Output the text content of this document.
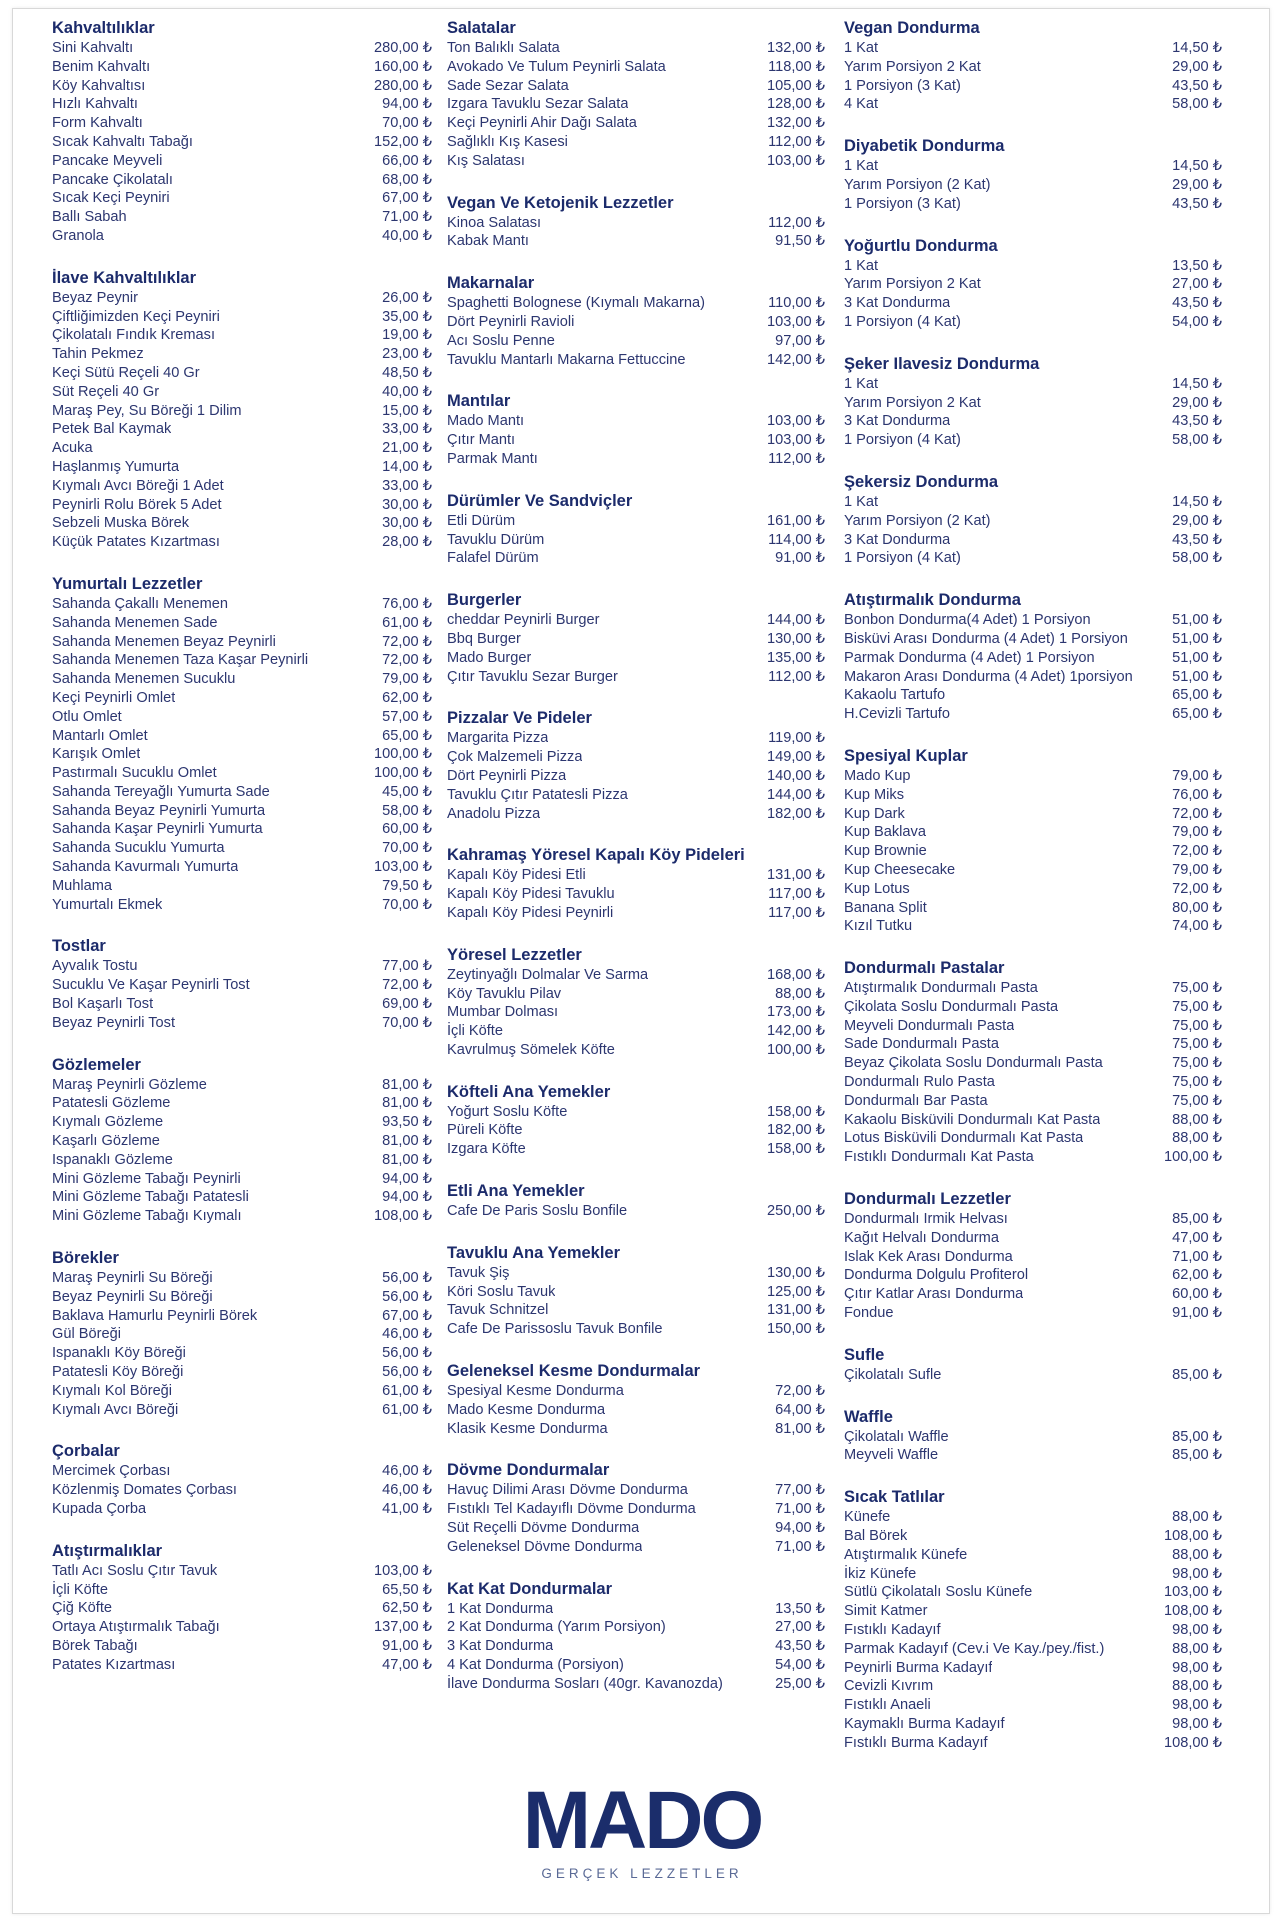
Kahvaltılıklar
Sini Kahvaltı	280,00 ₺
Benim Kahvaltı	160,00 ₺
Köy Kahvaltısı	280,00 ₺
Hızlı Kahvaltı	94,00 ₺
Form Kahvaltı	70,00 ₺
Sıcak Kahvaltı Tabağı	152,00 ₺
Pancake Meyveli	66,00 ₺
Pancake Çikolatalı	68,00 ₺
Sıcak Keçi Peyniri	67,00 ₺
Ballı Sabah	71,00 ₺
Granola	40,00 ₺
İlave Kahvaltılıklar
Beyaz Peynir	26,00 ₺
Çiftliğimizden Keçi Peyniri	35,00 ₺
Çikolatalı Fındık Kreması	19,00 ₺
Tahin Pekmez	23,00 ₺
Keçi Sütü Reçeli 40 Gr	48,50 ₺
Süt Reçeli 40 Gr	40,00 ₺
Maraş Pey, Su Böreği 1 Dilim	15,00 ₺
Petek Bal Kaymak	33,00 ₺
Acuka	21,00 ₺
Haşlanmış Yumurta	14,00 ₺
Kıymalı Avcı Böreği 1 Adet	33,00 ₺
Peynirli Rolu Börek 5 Adet	30,00 ₺
Sebzeli Muska Börek	30,00 ₺
Küçük Patates Kızartması	28,00 ₺
Yumurtalı Lezzetler
Sahanda Çakallı Menemen	76,00 ₺
Sahanda Menemen Sade	61,00 ₺
Sahanda Menemen Beyaz Peynirli	72,00 ₺
Sahanda Menemen Taza Kaşar Peynirli	72,00 ₺
Sahanda Menemen Sucuklu	79,00 ₺
Keçi Peynirli Omlet	62,00 ₺
Otlu Omlet	57,00 ₺
Mantarlı Omlet	65,00 ₺
Karışık Omlet	100,00 ₺
Pastırmalı Sucuklu Omlet	100,00 ₺
Sahanda Tereyağlı Yumurta Sade	45,00 ₺
Sahanda Beyaz Peynirli Yumurta	58,00 ₺
Sahanda Kaşar Peynirli Yumurta	60,00 ₺
Sahanda Sucuklu Yumurta	70,00 ₺
Sahanda Kavurmalı Yumurta	103,00 ₺
Muhlama	79,50 ₺
Yumurtalı Ekmek	70,00 ₺
Tostlar
Ayvalık Tostu	77,00 ₺
Sucuklu Ve Kaşar Peynirli Tost	72,00 ₺
Bol Kaşarlı Tost	69,00 ₺
Beyaz Peynirli Tost	70,00 ₺
Gözlemeler
Maraş Peynirli Gözleme	81,00 ₺
Patatesli Gözleme	81,00 ₺
Kıymalı Gözleme	93,50 ₺
Kaşarlı Gözleme	81,00 ₺
Ispanaklı Gözleme	81,00 ₺
Mini Gözleme Tabağı Peynirli	94,00 ₺
Mini Gözleme Tabağı Patatesli	94,00 ₺
Mini Gözleme Tabağı Kıymalı	108,00 ₺
Börekler
Maraş Peynirli Su Böreği	56,00 ₺
Beyaz Peynirli Su Böreği	56,00 ₺
Baklava Hamurlu Peynirli Börek	67,00 ₺
Gül Böreği	46,00 ₺
Ispanaklı Köy Böreği	56,00 ₺
Patatesli Köy Böreği	56,00 ₺
Kıymalı Kol Böreği	61,00 ₺
Kıymalı Avcı Böreği	61,00 ₺
Çorbalar
Mercimek Çorbası	46,00 ₺
Közlenmiş Domates Çorbası	46,00 ₺
Kupada Çorba	41,00 ₺
Atıştırmalıklar
Tatlı Acı Soslu Çıtır Tavuk	103,00 ₺
İçli Köfte	65,50 ₺
Çiğ Köfte	62,50 ₺
Ortaya Atıştırmalık Tabağı	137,00 ₺
Börek Tabağı	91,00 ₺
Patates Kızartması	47,00 ₺
Salatalar
Ton Balıklı Salata	132,00 ₺
Avokado Ve Tulum Peynirli Salata	118,00 ₺
Sade Sezar Salata	105,00 ₺
Izgara Tavuklu Sezar Salata	128,00 ₺
Keçi Peynirli Ahir Dağı Salata	132,00 ₺
Sağlıklı Kış Kasesi	112,00 ₺
Kış Salatası	103,00 ₺
Vegan Ve Ketojenik Lezzetler
Kinoa Salatası	112,00 ₺
Kabak Mantı	91,50 ₺
Makarnalar
Spaghetti Bolognese (Kıymalı Makarna)	110,00 ₺
Dört Peynirli Ravioli	103,00 ₺
Acı Soslu Penne	97,00 ₺
Tavuklu Mantarlı Makarna Fettuccine	142,00 ₺
Mantılar
Mado Mantı	103,00 ₺
Çıtır Mantı	103,00 ₺
Parmak Mantı	112,00 ₺
Dürümler Ve Sandviçler
Etli Dürüm	161,00 ₺
Tavuklu Dürüm	114,00 ₺
Falafel Dürüm	91,00 ₺
Burgerler
cheddar Peynirli Burger	144,00 ₺
Bbq Burger	130,00 ₺
Mado Burger	135,00 ₺
Çıtır Tavuklu Sezar Burger	112,00 ₺
Pizzalar Ve Pideler
Margarita Pizza	119,00 ₺
Çok Malzemeli Pizza	149,00 ₺
Dört Peynirli Pizza	140,00 ₺
Tavuklu Çıtır Patatesli Pizza	144,00 ₺
Anadolu Pizza	182,00 ₺
Kahramaş Yöresel Kapalı Köy Pideleri
Kapalı Köy Pidesi Etli	131,00 ₺
Kapalı Köy Pidesi Tavuklu	117,00 ₺
Kapalı Köy Pidesi Peynirli	117,00 ₺
Yöresel Lezzetler
Zeytinyağlı Dolmalar Ve Sarma	168,00 ₺
Köy Tavuklu Pilav	88,00 ₺
Mumbar Dolması	173,00 ₺
İçli Köfte	142,00 ₺
Kavrulmuş Sömelek Köfte	100,00 ₺
Köfteli Ana Yemekler
Yoğurt Soslu Köfte	158,00 ₺
Püreli Köfte	182,00 ₺
Izgara Köfte	158,00 ₺
Etli Ana Yemekler
Cafe De Paris Soslu Bonfile	250,00 ₺
Tavuklu Ana Yemekler
Tavuk Şiş	130,00 ₺
Köri Soslu Tavuk	125,00 ₺
Tavuk Schnitzel	131,00 ₺
Cafe De Parissoslu Tavuk Bonfile	150,00 ₺
Geleneksel Kesme Dondurmalar
Spesiyal Kesme Dondurma	72,00 ₺
Mado Kesme Dondurma	64,00 ₺
Klasik Kesme Dondurma	81,00 ₺
Dövme Dondurmalar
Havuç Dilimi Arası Dövme Dondurma	77,00 ₺
Fıstıklı Tel Kadayıflı Dövme Dondurma	71,00 ₺
Süt Reçelli Dövme Dondurma	94,00 ₺
Geleneksel Dövme Dondurma	71,00 ₺
Kat Kat Dondurmalar
1 Kat Dondurma	13,50 ₺
2 Kat Dondurma (Yarım Porsiyon)	27,00 ₺
3 Kat Dondurma	43,50 ₺
4 Kat Dondurma (Porsiyon)	54,00 ₺
İlave Dondurma Sosları (40gr. Kavanozda)	25,00 ₺
Vegan Dondurma
1 Kat	14,50 ₺
Yarım Porsiyon 2 Kat	29,00 ₺
1 Porsiyon (3 Kat)	43,50 ₺
4 Kat	58,00 ₺
Diyabetik Dondurma
1 Kat	14,50 ₺
Yarım Porsiyon (2 Kat)	29,00 ₺
1 Porsiyon (3 Kat)	43,50 ₺
Yoğurtlu Dondurma
1 Kat	13,50 ₺
Yarım Porsiyon 2 Kat	27,00 ₺
3 Kat Dondurma	43,50 ₺
1 Porsiyon (4 Kat)	54,00 ₺
Şeker Ilavesiz Dondurma
1 Kat	14,50 ₺
Yarım Porsiyon 2 Kat	29,00 ₺
3 Kat Dondurma	43,50 ₺
1 Porsiyon (4 Kat)	58,00 ₺
Şekersiz Dondurma
1 Kat	14,50 ₺
Yarım Porsiyon (2 Kat)	29,00 ₺
3 Kat Dondurma	43,50 ₺
1 Porsiyon (4 Kat)	58,00 ₺
Atıştırmalık Dondurma
Bonbon Dondurma(4 Adet) 1 Porsiyon	51,00 ₺
Bisküvi Arası Dondurma (4 Adet) 1 Porsiyon	51,00 ₺
Parmak Dondurma (4 Adet) 1 Porsiyon	51,00 ₺
Makaron Arası Dondurma (4 Adet) 1porsiyon	51,00 ₺
Kakaolu Tartufo	65,00 ₺
H.Cevizli Tartufo	65,00 ₺
Spesiyal Kuplar
Mado Kup	79,00 ₺
Kup Miks	76,00 ₺
Kup Dark	72,00 ₺
Kup Baklava	79,00 ₺
Kup Brownie	72,00 ₺
Kup Cheesecake	79,00 ₺
Kup Lotus	72,00 ₺
Banana Split	80,00 ₺
Kızıl Tutku	74,00 ₺
Dondurmalı Pastalar
Atıştırmalık Dondurmalı Pasta	75,00 ₺
Çikolata Soslu Dondurmalı Pasta	75,00 ₺
Meyveli Dondurmalı Pasta	75,00 ₺
Sade Dondurmalı Pasta	75,00 ₺
Beyaz Çikolata Soslu Dondurmalı Pasta	75,00 ₺
Dondurmalı Rulo Pasta	75,00 ₺
Dondurmalı Bar Pasta	75,00 ₺
Kakaolu Bisküvili Dondurmalı Kat Pasta	88,00 ₺
Lotus Bisküvili Dondurmalı Kat Pasta	88,00 ₺
Fıstıklı Dondurmalı Kat Pasta	100,00 ₺
Dondurmalı Lezzetler
Dondurmalı Irmik Helvası	85,00 ₺
Kağıt Helvalı Dondurma	47,00 ₺
Islak Kek Arası Dondurma	71,00 ₺
Dondurma Dolgulu Profiterol	62,00 ₺
Çıtır Katlar Arası Dondurma	60,00 ₺
Fondue	91,00 ₺
Sufle
Çikolatalı Sufle	85,00 ₺
Waffle
Çikolatalı Waffle	85,00 ₺
Meyveli Waffle	85,00 ₺
Sıcak Tatlılar
Künefe	88,00 ₺
Bal Börek	108,00 ₺
Atıştırmalık Künefe	88,00 ₺
İkiz Künefe	98,00 ₺
Sütlü Çikolatalı Soslu Künefe	103,00 ₺
Simit Katmer	108,00 ₺
Fıstıklı Kadayıf	98,00 ₺
Parmak Kadayıf (Cev.i Ve Kay./pey./fist.)	88,00 ₺
Peynirli Burma Kadayıf	98,00 ₺
Cevizli Kıvrım	88,00 ₺
Fıstıklı Anaeli	98,00 ₺
Kaymaklı Burma Kadayıf	98,00 ₺
Fıstıklı Burma Kadayıf	108,00 ₺
MADO
GERÇEK LEZZETLER
